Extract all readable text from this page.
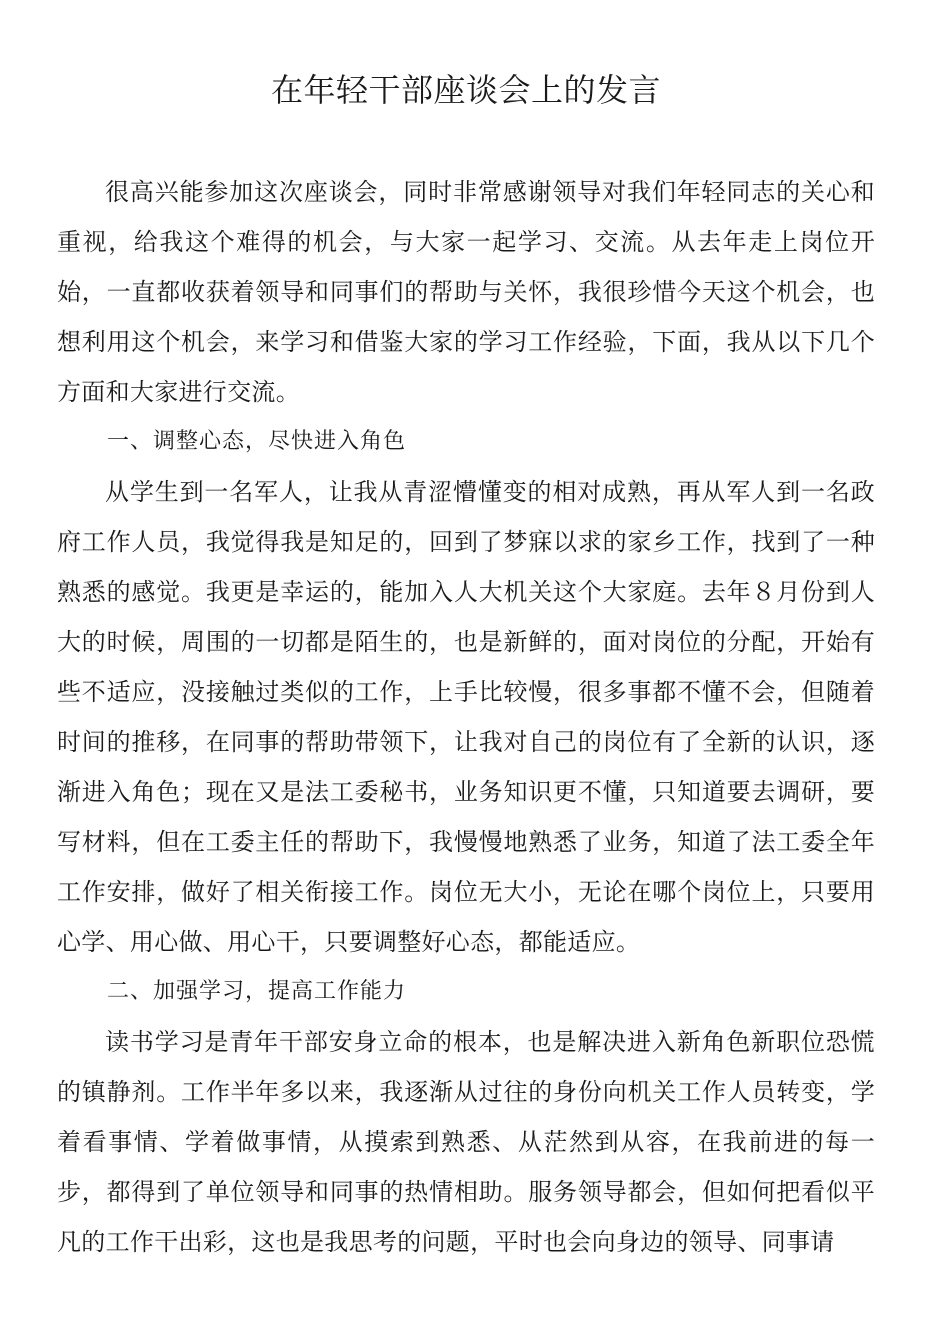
在年轻干部座谈会上的发言

很高兴能参加这次座谈会，同时非常感谢领导对我们年轻同志的关心和重视，给我这个难得的机会，与大家一起学习、交流。从去年走上岗位开始，一直都收获着领导和同事们的帮助与关怀，我很珍惜今天这个机会，也想利用这个机会，来学习和借鉴大家的学习工作经验，下面，我从以下几个方面和大家进行交流。

一、调整心态，尽快进入角色

从学生到一名军人，让我从青涩懵懂变的相对成熟，再从军人到一名政府工作人员，我觉得我是知足的，回到了梦寐以求的家乡工作，找到了一种熟悉的感觉。我更是幸运的，能加入人大机关这个大家庭。去年８月份到人大的时候，周围的一切都是陌生的，也是新鲜的，面对岗位的分配，开始有些不适应，没接触过类似的工作，上手比较慢，很多事都不懂不会，但随着时间的推移，在同事的帮助带领下，让我对自己的岗位有了全新的认识，逐渐进入角色；现在又是法工委秘书，业务知识更不懂，只知道要去调研，要写材料，但在工委主任的帮助下，我慢慢地熟悉了业务，知道了法工委全年工作安排，做好了相关衔接工作。岗位无大小，无论在哪个岗位上，只要用心学、用心做、用心干，只要调整好心态，都能适应。

二、加强学习，提高工作能力

读书学习是青年干部安身立命的根本，也是解决进入新角色新职位恐慌的镇静剂。工作半年多以来，我逐渐从过往的身份向机关工作人员转变，学着看事情、学着做事情，从摸索到熟悉、从茫然到从容，在我前进的每一步，都得到了单位领导和同事的热情相助。服务领导都会，但如何把看似平凡的工作干出彩，这也是我思考的问题，平时也会向身边的领导、同事请
